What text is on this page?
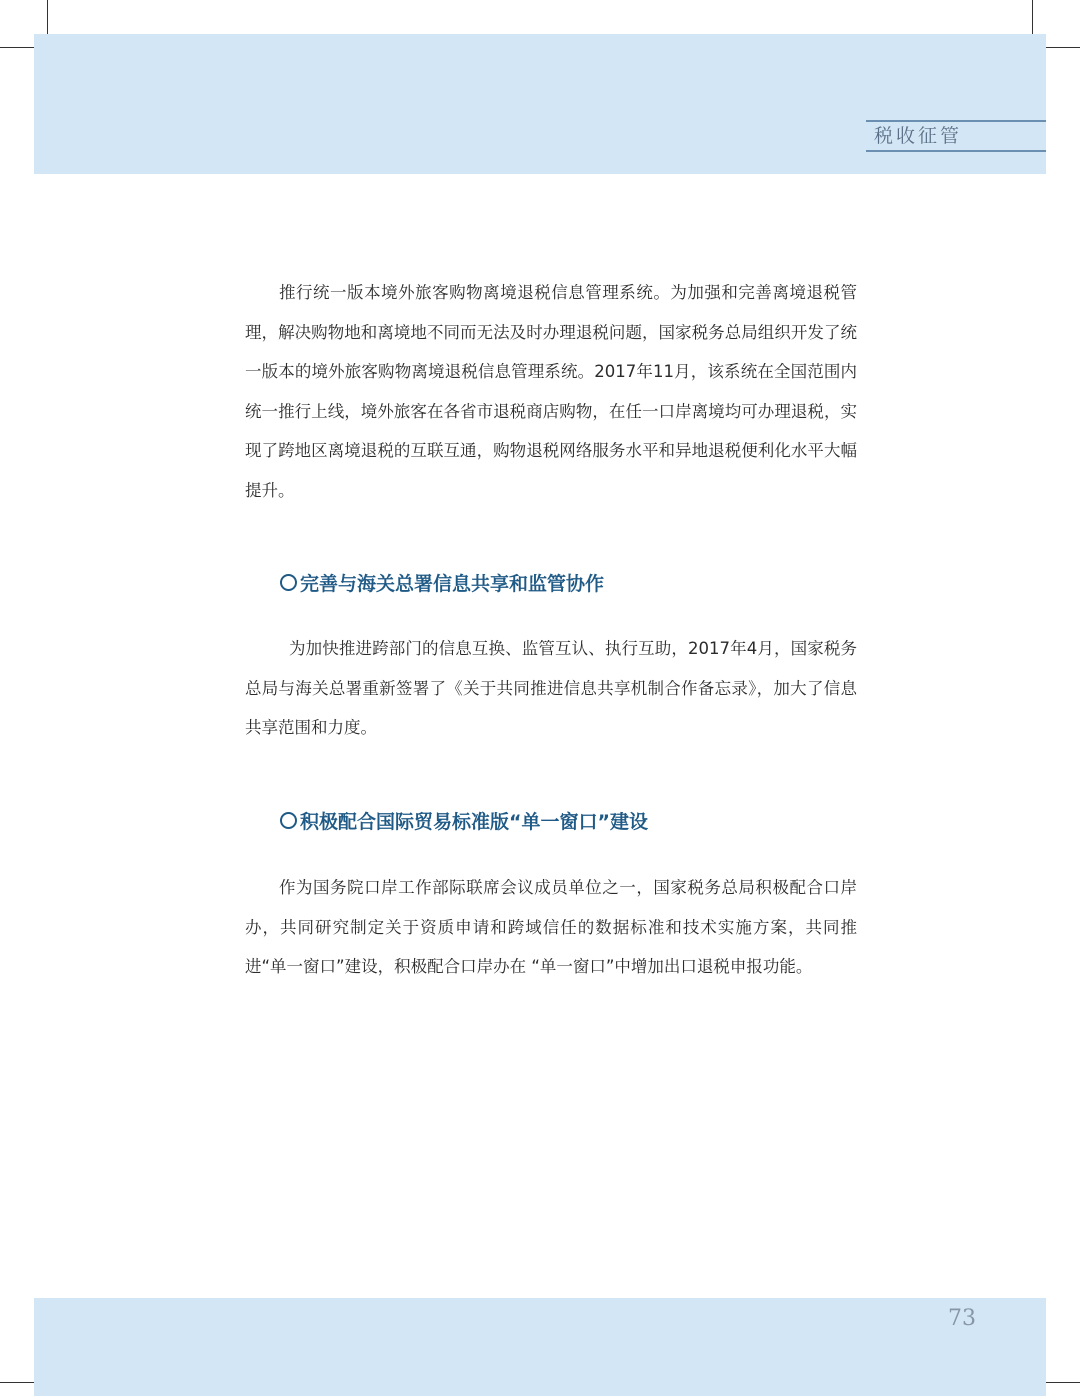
税收征管

推行统一版本境外旅客购物离境退税信息管理系统。为加强和完善离境退税管理，解决购物地和离境地不同而无法及时办理退税问题，国家税务总局组织开发了统一版本的境外旅客购物离境退税信息管理系统。2017年11月，该系统在全国范围内统一推行上线，境外旅客在各省市退税商店购物，在任一口岸离境均可办理退税，实现了跨地区离境退税的互联互通，购物退税网络服务水平和异地退税便利化水平大幅提升。

完善与海关总署信息共享和监管协作

为加快推进跨部门的信息互换、监管互认、执行互助，2017年4月，国家税务总局与海关总署重新签署了《关于共同推进信息共享机制合作备忘录》，加大了信息共享范围和力度。

积极配合国际贸易标准版“单一窗口”建设

作为国务院口岸工作部际联席会议成员单位之一，国家税务总局积极配合口岸办，共同研究制定关于资质申请和跨域信任的数据标准和技术实施方案，共同推进“单一窗口”建设，积极配合口岸办在 “单一窗口”中增加出口退税申报功能。

73
